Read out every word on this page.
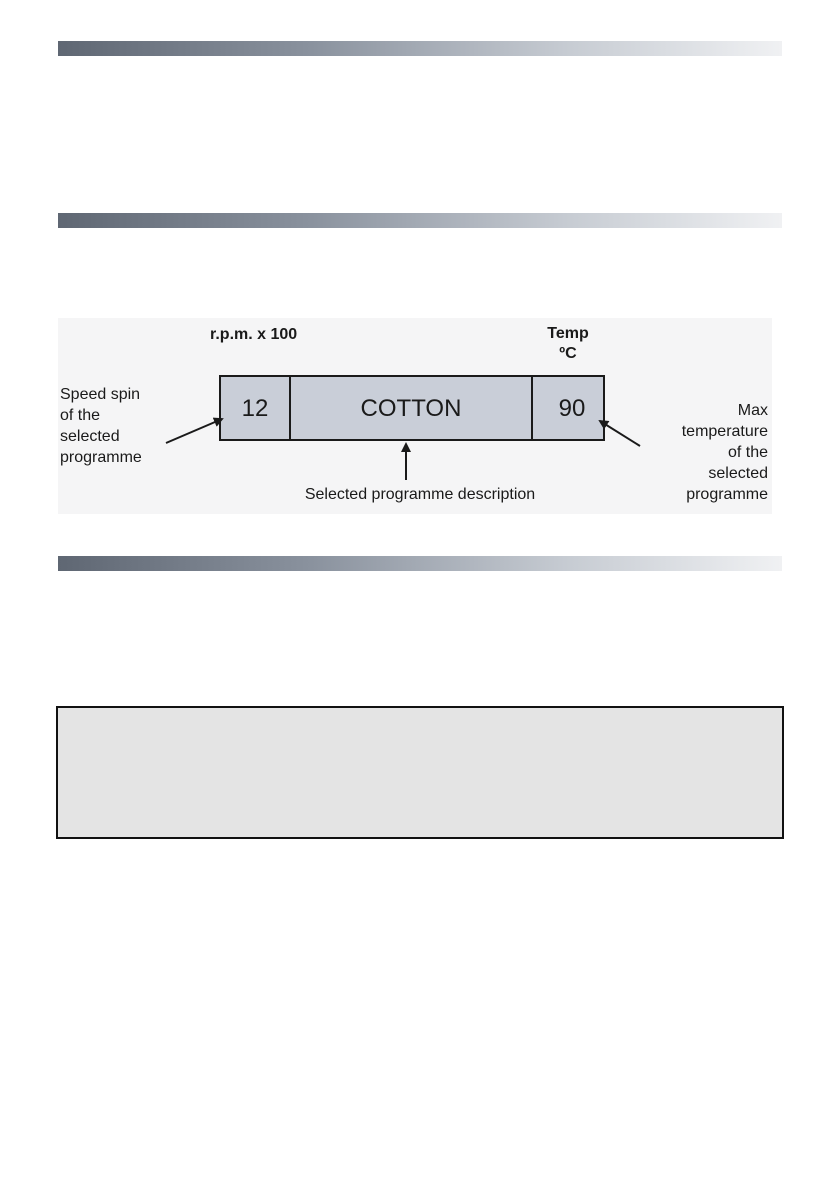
r.p.m. x 100	Temp
ºC
12	COTTON	90
Speed spin
of the
selected
programme
Selected programme description
Max
temperature
of the
selected
programme
